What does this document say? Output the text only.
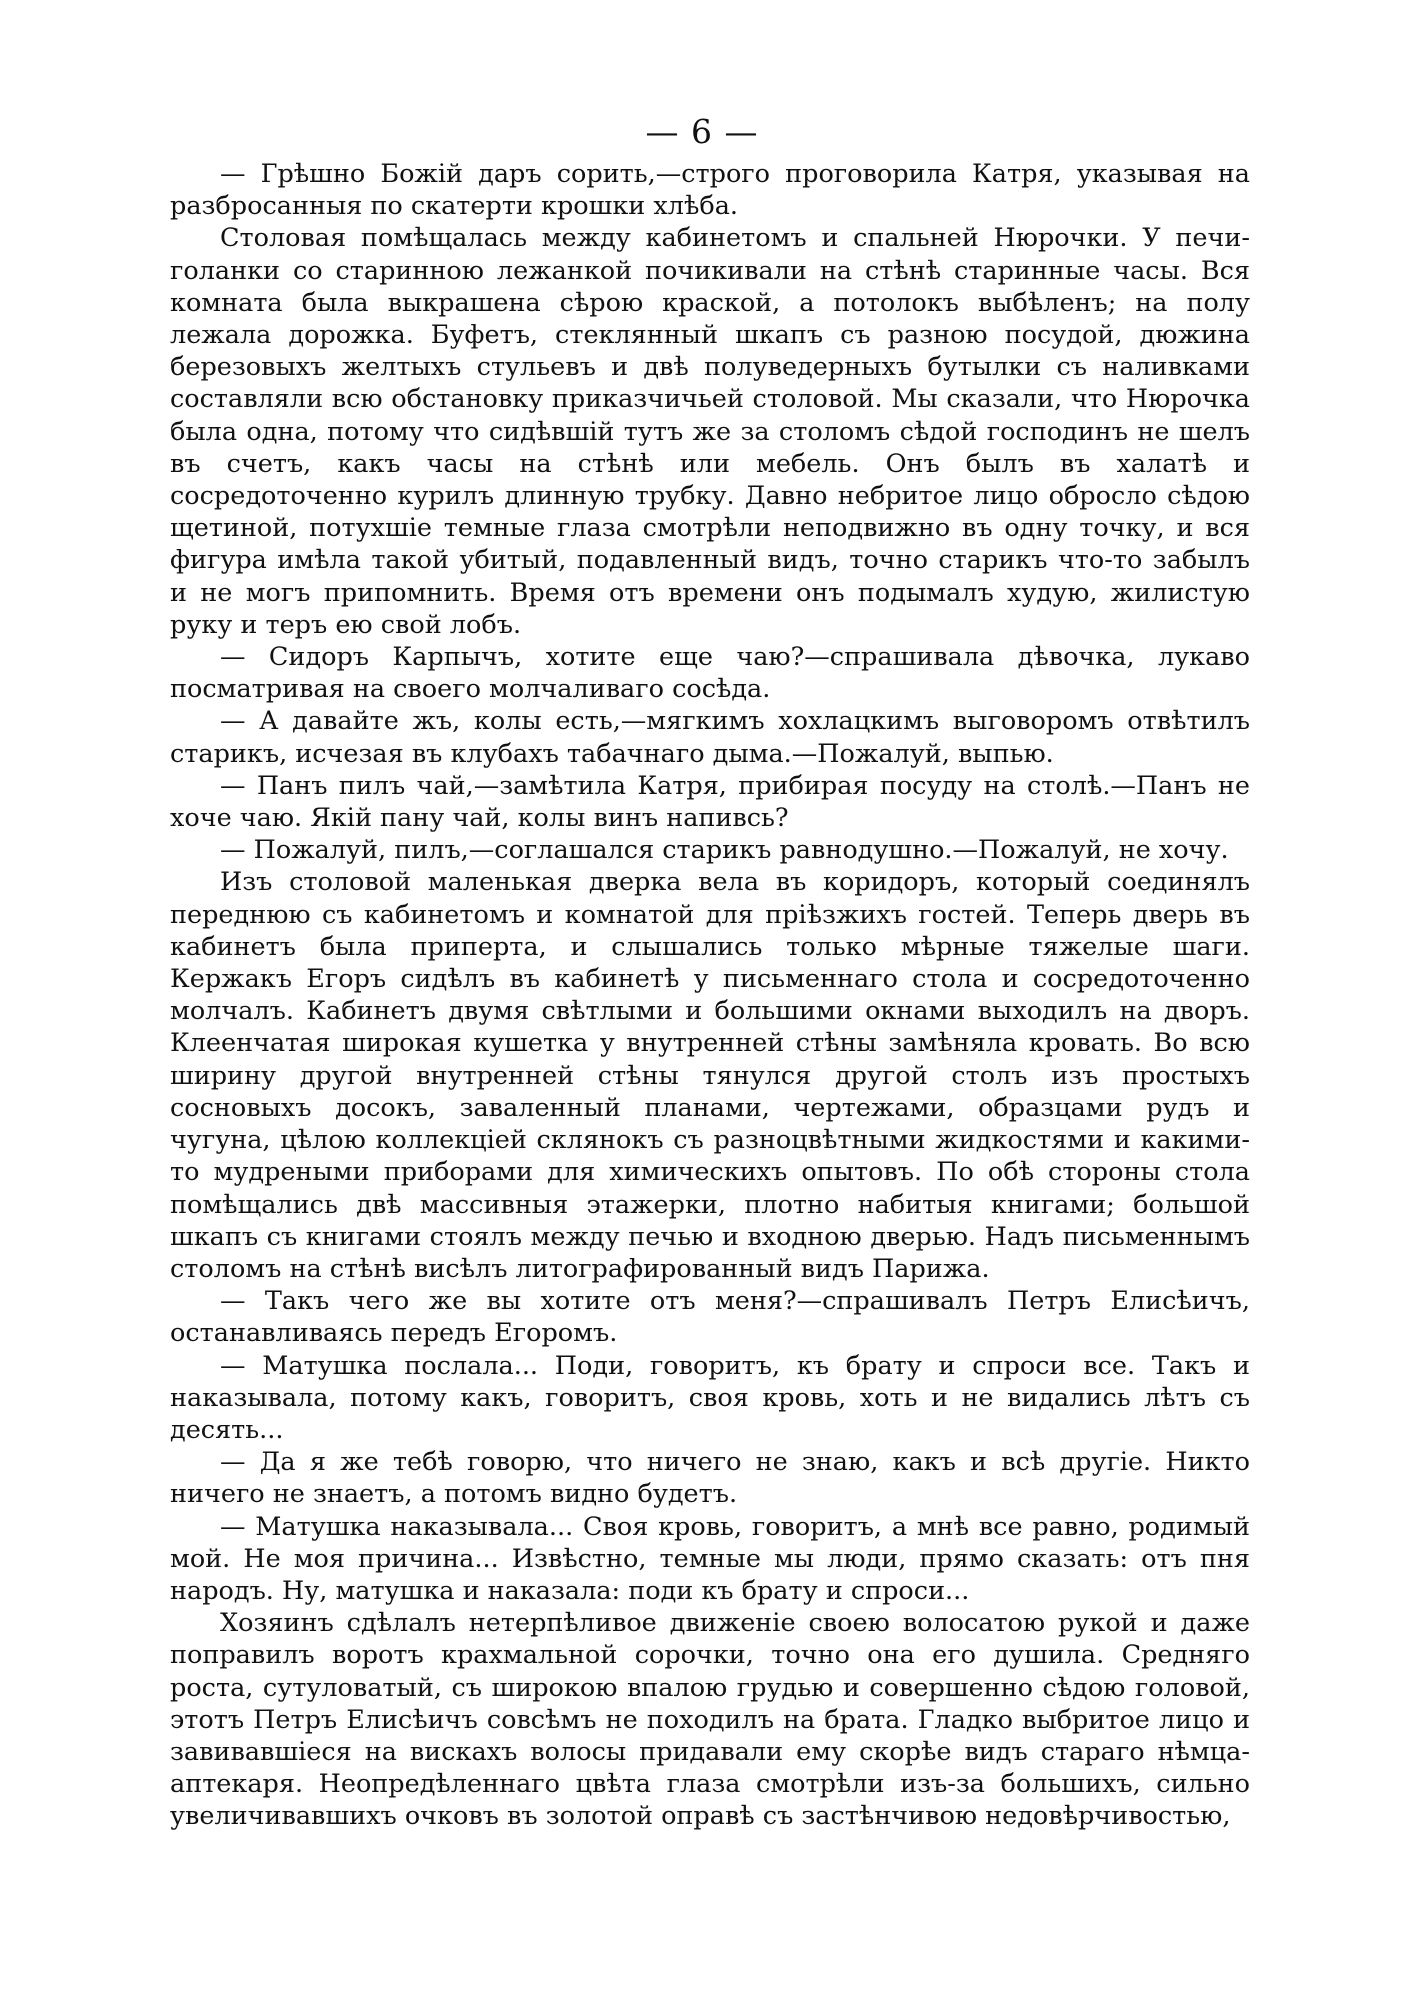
— 6 —

— Грѣшно Божій даръ сорить,—строго проговорила Катря, указывая на разбросанныя по скатерти крошки хлѣба.

Столовая помѣщалась между кабинетомъ и спальней Нюрочки. У печи-голанки со старинною лежанкой почикивали на стѣнѣ старинные часы. Вся комната была выкрашена сѣрою краской, а потолокъ выбѣленъ; на полу лежала дорожка. Буфетъ, стеклянный шкапъ съ разною посудой, дюжина березовыхъ желтыхъ стульевъ и двѣ полуведерныхъ бутылки съ наливками составляли всю обстановку приказчичьей столовой. Мы сказали, что Нюрочка была одна, потому что сидѣвшій тутъ же за столомъ сѣдой господинъ не шелъ въ счетъ, какъ часы на стѣнѣ или мебель. Онъ былъ въ халатѣ и сосредоточенно курилъ длинную трубку. Давно небритое лицо обросло сѣдою щетиной, потухшіе темные глаза смотрѣли неподвижно въ одну точку, и вся фигура имѣла такой убитый, подавленный видъ, точно старикъ что-то забылъ и не могъ припомнить. Время отъ времени онъ подымалъ худую, жилистую руку и теръ ею свой лобъ.

— Сидоръ Карпычъ, хотите еще чаю?—спрашивала дѣвочка, лукаво посматривая на своего молчаливаго сосѣда.

— А давайте жъ, колы есть,—мягкимъ хохлацкимъ выговоромъ отвѣтилъ старикъ, исчезая въ клубахъ табачнаго дыма.—Пожалуй, выпью.

— Панъ пилъ чай,—замѣтила Катря, прибирая посуду на столѣ.—Панъ не хоче чаю. Якій пану чай, колы винъ напивсь?

— Пожалуй, пилъ,—соглашался старикъ равнодушно.—Пожалуй, не хочу.

Изъ столовой маленькая дверка вела въ коридоръ, который соединялъ переднюю съ кабинетомъ и комнатой для пріѣзжихъ гостей. Теперь дверь въ кабинетъ была приперта, и слышались только мѣрные тяжелые шаги. Кержакъ Егоръ сидѣлъ въ кабинетѣ у письменнаго стола и сосредоточенно молчалъ. Кабинетъ двумя свѣтлыми и большими окнами выходилъ на дворъ. Клеенчатая широкая кушетка у внутренней стѣны замѣняла кровать. Во всю ширину другой внутренней стѣны тянулся другой столъ изъ простыхъ сосновыхъ досокъ, заваленный планами, чертежами, образцами рудъ и чугуна, цѣлою коллекціей склянокъ съ разноцвѣтными жидкостями и какими-то мудреными приборами для химическихъ опытовъ. По обѣ стороны стола помѣщались двѣ массивныя этажерки, плотно набитыя книгами; большой шкапъ съ книгами стоялъ между печью и входною дверью. Надъ письменнымъ столомъ на стѣнѣ висѣлъ литографированный видъ Парижа.

— Такъ чего же вы хотите отъ меня?—спрашивалъ Петръ Елисѣичъ, останавливаясь передъ Егоромъ.

— Матушка послала... Поди, говоритъ, къ брату и спроси все. Такъ и наказывала, потому какъ, говоритъ, своя кровь, хоть и не видались лѣтъ съ десять...

— Да я же тебѣ говорю, что ничего не знаю, какъ и всѣ другіе. Никто ничего не знаетъ, а потомъ видно будетъ.

— Матушка наказывала... Своя кровь, говоритъ, а мнѣ все равно, родимый мой. Не моя причина... Извѣстно, темные мы люди, прямо сказать: отъ пня народъ. Ну, матушка и наказала: поди къ брату и спроси...

Хозяинъ сдѣлалъ нетерпѣливое движеніе своею волосатою рукой и даже поправилъ воротъ крахмальной сорочки, точно она его душила. Средняго роста, сутуловатый, съ широкою впалою грудью и совершенно сѣдою головой, этотъ Петръ Елисѣичъ совсѣмъ не походилъ на брата. Гладко выбритое лицо и завивавшіеся на вискахъ волосы придавали ему скорѣе видъ стараго нѣмца-аптекаря. Неопредѣленнаго цвѣта глаза смотрѣли изъ-за большихъ, сильно увеличивавшихъ очковъ въ золотой оправѣ съ застѣнчивою недовѣрчивостью,
